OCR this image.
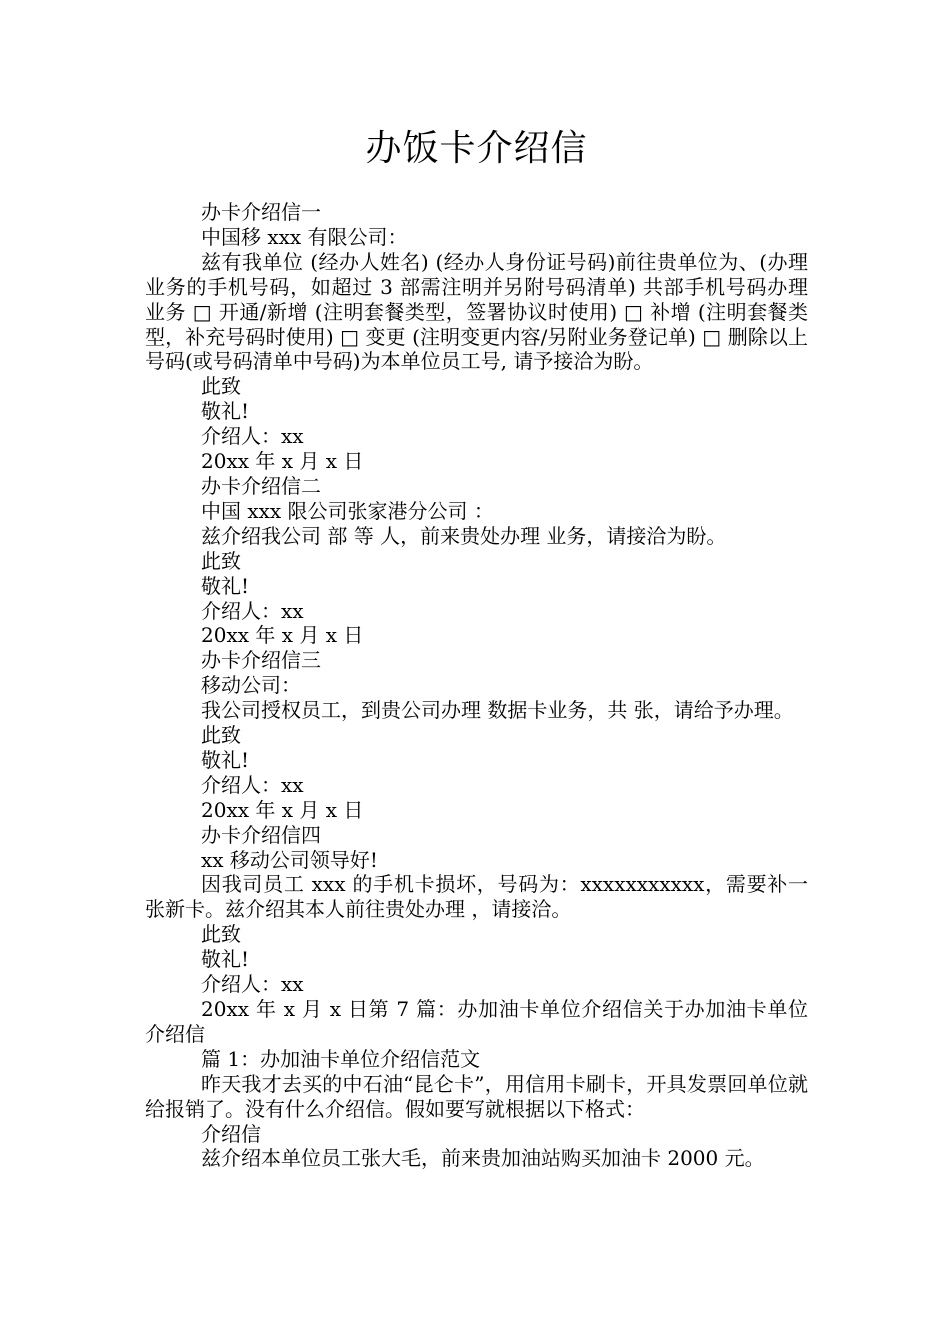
办饭卡介绍信

办卡介绍信一

中国移 xxx 有限公司：

兹有我单位 (经办人姓名) (经办人身份证号码)前往贵单位为、(办理业务的手机号码，如超过 3 部需注明并另附号码清单) 共部手机号码办理 业务 □ 开通/新增 (注明套餐类型，签署协议时使用) □ 补增 (注明套餐类型，补充号码时使用) □ 变更 (注明变更内容/另附业务登记单) □ 删除以上号码(或号码清单中号码)为本单位员工号, 请予接洽为盼。

此致

敬礼!

介绍人：xx

20xx 年 x 月 x 日

办卡介绍信二

中国 xxx 限公司张家港分公司 ：

兹介绍我公司 部 等 人，前来贵处办理 业务，请接洽为盼。

此致

敬礼!

介绍人：xx

20xx 年 x 月 x 日

办卡介绍信三

移动公司：

我公司授权员工，到贵公司办理 数据卡业务，共 张，请给予办理。

此致

敬礼!

介绍人：xx

20xx 年 x 月 x 日

办卡介绍信四

xx 移动公司领导好!

因我司员工 xxx 的手机卡损坏，号码为：xxxxxxxxxxx，需要补一张新卡。兹介绍其本人前往贵处办理 ，请接洽。

此致

敬礼!

介绍人：xx

20xx 年 x 月 x 日第 7 篇：办加油卡单位介绍信关于办加油卡单位介绍信

篇 1：办加油卡单位介绍信范文

昨天我才去买的中石油“昆仑卡”，用信用卡刷卡，开具发票回单位就给报销了。没有什么介绍信。假如要写就根据以下格式：

介绍信

兹介绍本单位员工张大毛，前来贵加油站购买加油卡 2000 元。
